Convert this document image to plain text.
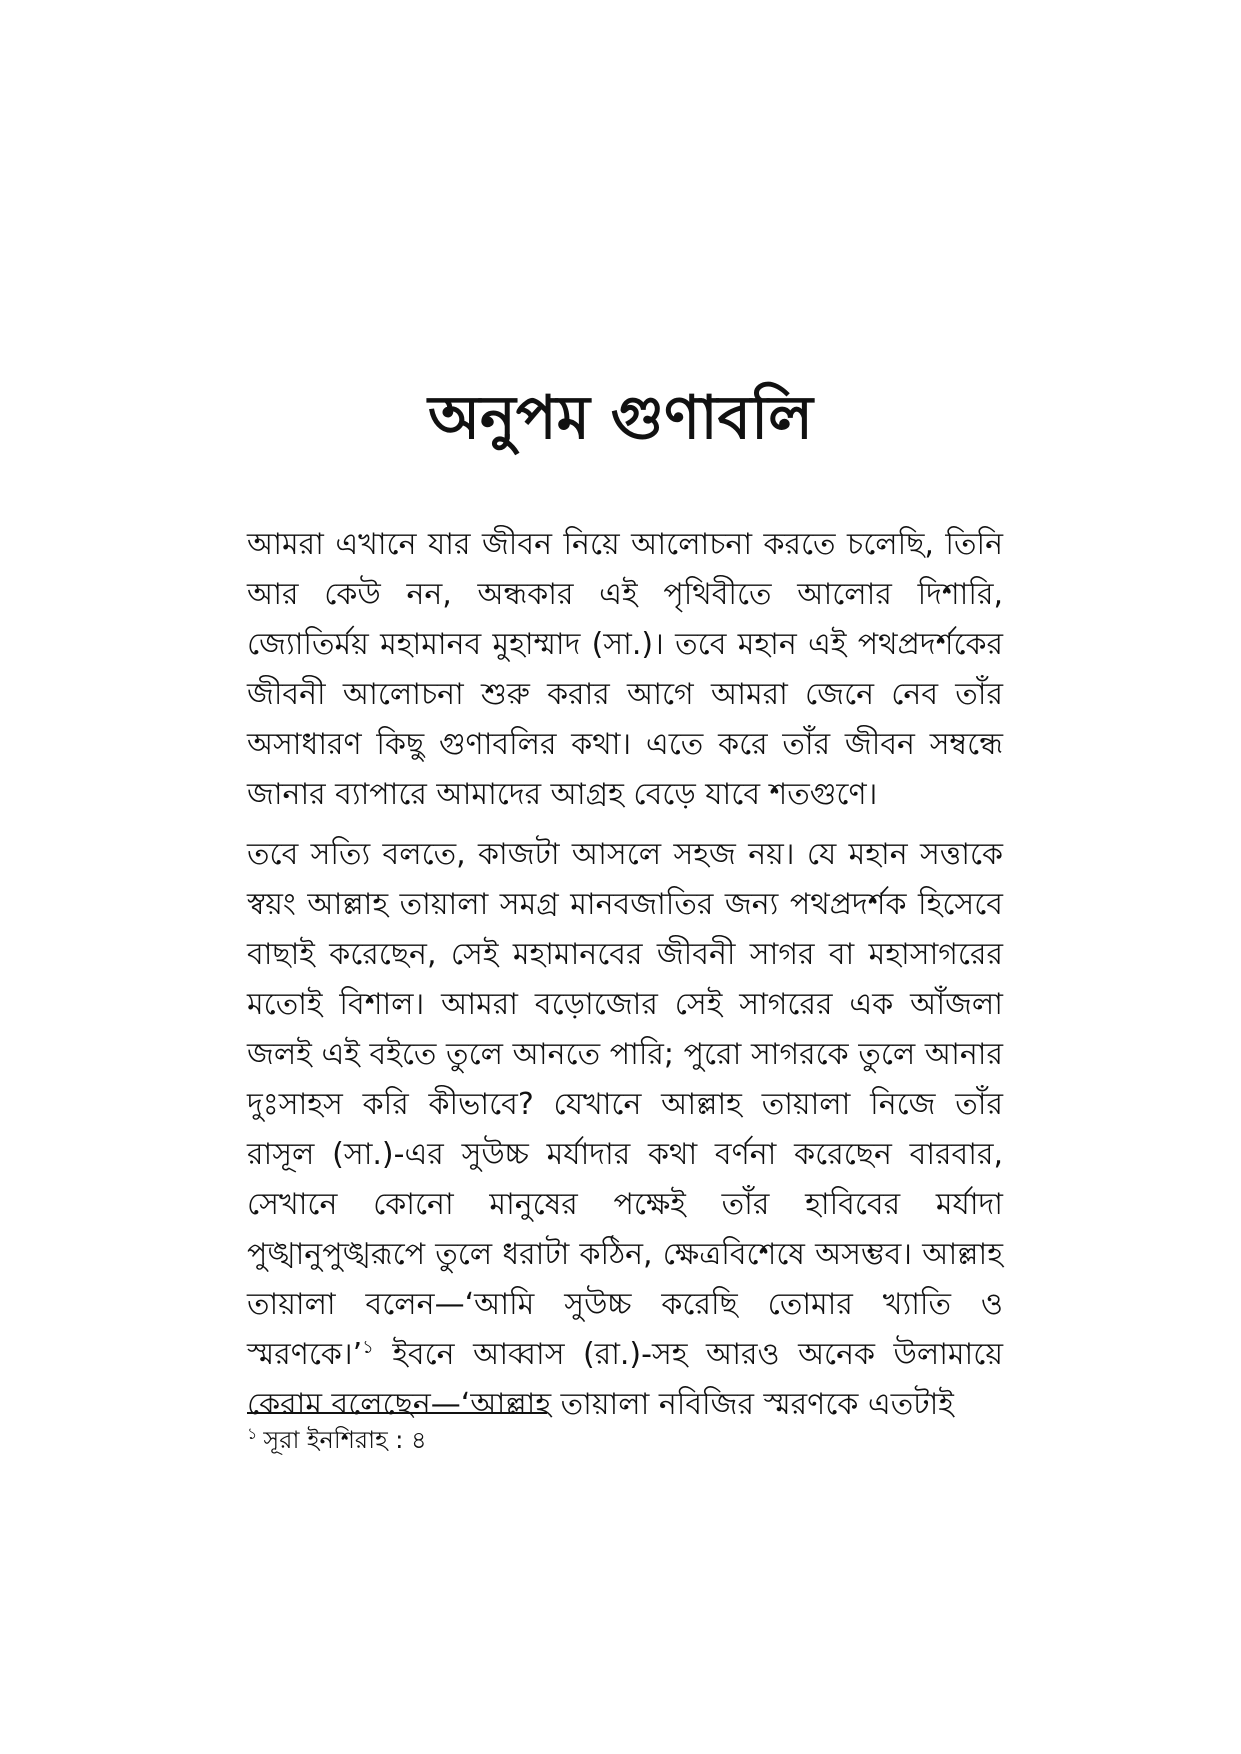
অনুপম গুণাবলি

আমরা এখানে যার জীবন নিয়ে আলোচনা করতে চলেছি, তিনি আর কেউ নন, অন্ধকার এই পৃথিবীতে আলোর দিশারি, জ্যোতির্ময় মহামানব মুহাম্মাদ (সা.)। তবে মহান এই পথপ্রদর্শকের জীবনী আলোচনা শুরু করার আগে আমরা জেনে নেব তাঁর অসাধারণ কিছু গুণাবলির কথা। এতে করে তাঁর জীবন সম্বন্ধে জানার ব্যাপারে আমাদের আগ্রহ বেড়ে যাবে শতগুণে।

তবে সত্যি বলতে, কাজটা আসলে সহজ নয়। যে মহান সত্তাকে স্বয়ং আল্লাহ তায়ালা সমগ্র মানবজাতির জন্য পথপ্রদর্শক হিসেবে বাছাই করেছেন, সেই মহামানবের জীবনী সাগর বা মহাসাগরের মতোই বিশাল। আমরা বড়োজোর সেই সাগরের এক আঁজলা জলই এই বইতে তুলে আনতে পারি; পুরো সাগরকে তুলে আনার দুঃসাহস করি কীভাবে? যেখানে আল্লাহ তায়ালা নিজে তাঁর রাসূল (সা.)-এর সুউচ্চ মর্যাদার কথা বর্ণনা করেছেন বারবার, সেখানে কোনো মানুষের পক্ষেই তাঁর হাবিবের মর্যাদা পুঙ্খানুপুঙ্খরূপে তুলে ধরাটা কঠিন, ক্ষেত্রবিশেষে অসম্ভব। আল্লাহ তায়ালা বলেন—‘আমি সুউচ্চ করেছি তোমার খ্যাতি ও স্মরণকে।’$^১$ ইবনে আব্বাস (রা.)-সহ আরও অনেক উলামায়ে কেরাম বলেছেন—‘আল্লাহ তায়ালা নবিজির স্মরণকে এতটাই

$^১$ সূরা ইনশিরাহ : ৪
